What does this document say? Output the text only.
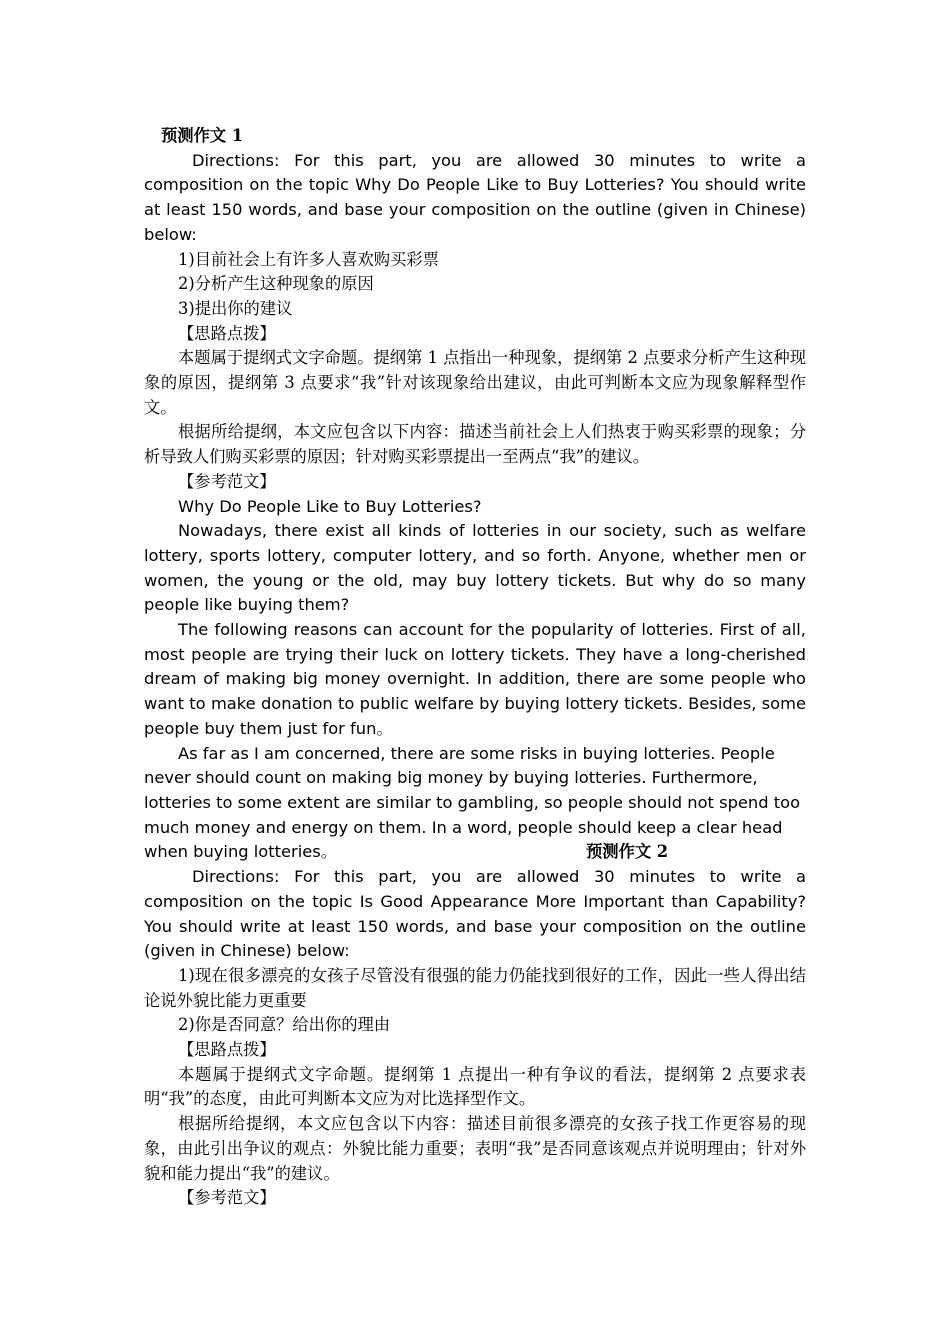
预测作文 1

Directions: For this part, you are allowed 30 minutes to write a composition on the topic Why Do People Like to Buy Lotteries? You should write at least 150 words, and base your composition on the outline (given in Chinese) below:

1)目前社会上有许多人喜欢购买彩票

2)分析产生这种现象的原因

3)提出你的建议

【思路点拨】

本题属于提纲式文字命题。提纲第 1 点指出一种现象，提纲第 2 点要求分析产生这种现象的原因，提纲第 3 点要求“我”针对该现象给出建议，由此可判断本文应为现象解释型作文。

根据所给提纲，本文应包含以下内容：描述当前社会上人们热衷于购买彩票的现象；分析导致人们购买彩票的原因；针对购买彩票提出一至两点“我”的建议。

【参考范文】

Why Do People Like to Buy Lotteries?

Nowadays, there exist all kinds of lotteries in our society, such as welfare lottery, sports lottery, computer lottery, and so forth. Anyone, whether men or women, the young or the old, may buy lottery tickets. But why do so many people like buying them?

The following reasons can account for the popularity of lotteries. First of all, most people are trying their luck on lottery tickets. They have a long-cherished dream of making big money overnight. In addition, there are some people who want to make donation to public welfare by buying lottery tickets. Besides, some people buy them just for fun。

As far as I am concerned, there are some risks in buying lotteries. People never should count on making big money by buying lotteries. Furthermore, lotteries to some extent are similar to gambling, so people should not spend too much money and energy on them. In a word, people should keep a clear head when buying lotteries。	预测作文 2

Directions: For this part, you are allowed 30 minutes to write a composition on the topic Is Good Appearance More Important than Capability? You should write at least 150 words, and base your composition on the outline (given in Chinese) below:

1)现在很多漂亮的女孩子尽管没有很强的能力仍能找到很好的工作，因此一些人得出结论说外貌比能力更重要

2)你是否同意？给出你的理由

【思路点拨】

本题属于提纲式文字命题。提纲第 1 点提出一种有争议的看法，提纲第 2 点要求表明“我”的态度，由此可判断本文应为对比选择型作文。

根据所给提纲，本文应包含以下内容：描述目前很多漂亮的女孩子找工作更容易的现象，由此引出争议的观点：外貌比能力重要；表明“我”是否同意该观点并说明理由；针对外貌和能力提出“我”的建议。

【参考范文】
